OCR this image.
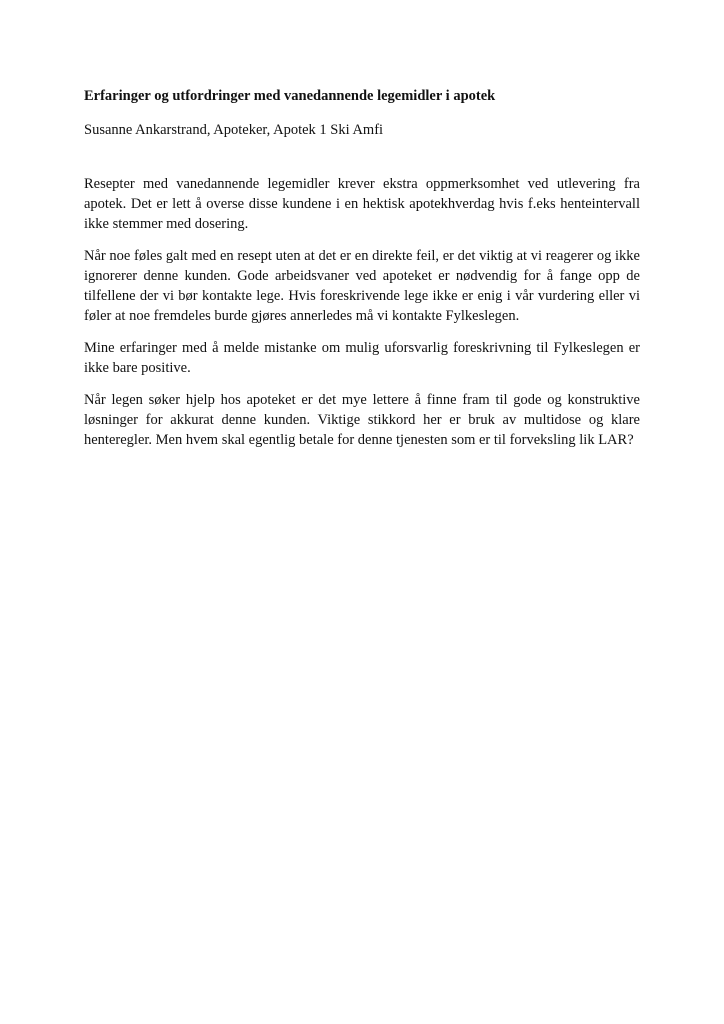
Erfaringer og utfordringer med vanedannende legemidler i apotek

Susanne Ankarstrand, Apoteker, Apotek 1 Ski Amfi

Resepter med vanedannende legemidler krever ekstra oppmerksomhet ved utlevering fra apotek. Det er lett å overse disse kundene i en hektisk apotekhverdag hvis f.eks henteintervall ikke stemmer med dosering.

Når noe føles galt med en resept uten at det er en direkte feil, er det viktig at vi reagerer og ikke ignorerer denne kunden. Gode arbeidsvaner ved apoteket er nødvendig for å fange opp de tilfellene der vi bør kontakte lege. Hvis foreskrivende lege ikke er enig i vår vurdering eller vi føler at noe fremdeles burde gjøres annerledes må vi kontakte Fylkeslegen.

Mine erfaringer med å melde mistanke om mulig uforsvarlig foreskrivning til Fylkeslegen er ikke bare positive.

Når legen søker hjelp hos apoteket er det mye lettere å finne fram til gode og konstruktive løsninger for akkurat denne kunden. Viktige stikkord her er bruk av multidose og klare henteregler. Men hvem skal egentlig betale for denne tjenesten som er til forveksling lik LAR?
